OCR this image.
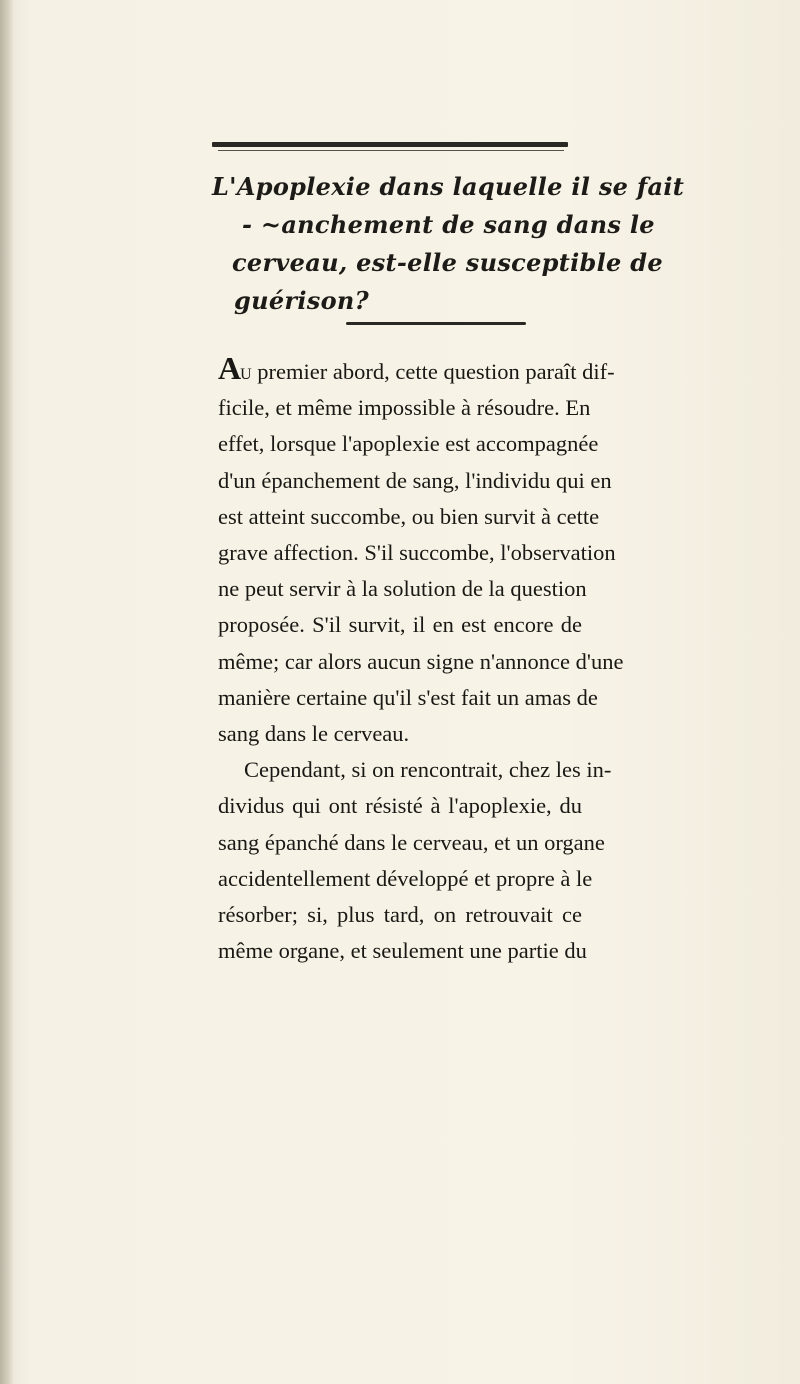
L'Apoplexie dans laquelle il se fait
- ~anchement de sang dans le
cerveau, est-elle susceptible de
guérison?

Au premier abord, cette question paraît dif-
ficile, et même impossible à résoudre. En
effet, lorsque l'apoplexie est accompagnée
d'un épanchement de sang, l'individu qui en
est atteint succombe, ou bien survit à cette
grave affection. S'il succombe, l'observation
ne peut servir à la solution de la question
proposée. S'il survit, il en est encore de
même; car alors aucun signe n'annonce d'une
manière certaine qu'il s'est fait un amas de
sang dans le cerveau.

Cependant, si on rencontrait, chez les in-
dividus qui ont résisté à l'apoplexie, du
sang épanché dans le cerveau, et un organe
accidentellement développé et propre à le
résorber; si, plus tard, on retrouvait ce
même organe, et seulement une partie du
